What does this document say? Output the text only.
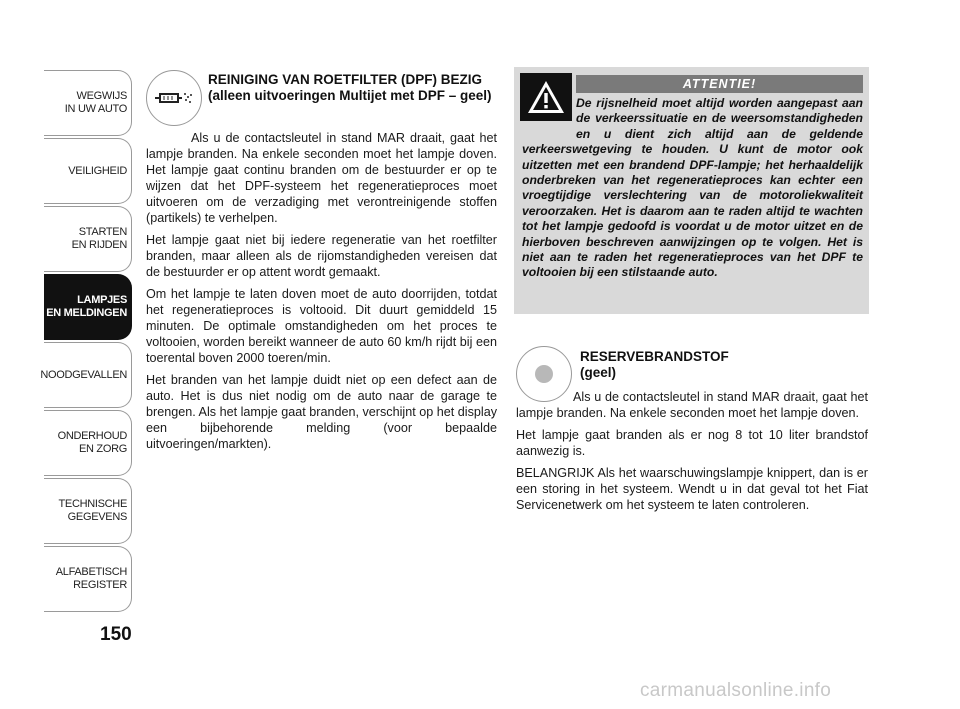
WEGWIJS
IN UW AUTO
VEILIGHEID
STARTEN
EN RIJDEN
LAMPJES
EN MELDINGEN
NOODGEVALLEN
ONDERHOUD
EN ZORG
TECHNISCHE
GEGEVENS
ALFABETISCH
REGISTER
150
REINIGING VAN ROETFILTER (DPF) BEZIG (alleen uitvoeringen Multijet met DPF – geel)

Als u de contactsleutel in stand MAR draait, gaat het lampje branden. Na enkele seconden moet het lampje doven. Het lampje gaat continu branden om de bestuurder er op te wijzen dat het DPF-systeem het regeneratieproces moet uitvoeren om de verzadiging met verontreinigende stoffen (partikels) te verhelpen.

Het lampje gaat niet bij iedere regeneratie van het roetfilter branden, maar alleen als de rijomstandigheden vereisen dat de bestuurder er op attent wordt gemaakt.

Om het lampje te laten doven moet de auto doorrijden, totdat het regeneratieproces is voltooid. Dit duurt gemiddeld 15 minuten. De optimale omstandigheden om het proces te voltooien, worden bereikt wanneer de auto 60 km/h rijdt bij een toerental boven 2000 toeren/min.

Het branden van het lampje duidt niet op een defect aan de auto. Het is dus niet nodig om de auto naar de garage te brengen. Als het lampje gaat branden, verschijnt op het display een bijbehorende melding (voor bepaalde uitvoeringen/markten).

ATTENTIE!
De rijsnelheid moet altijd worden aangepast aan de verkeerssituatie en de weersomstandigheden en u dient zich altijd aan de geldende verkeerswetgeving te houden. U kunt de motor ook uitzetten met een brandend DPF-lampje; het herhaaldelijk onderbreken van het regeneratieproces kan echter een vroegtijdige verslechtering van de motoroliekwaliteit veroorzaken. Het is daarom aan te raden altijd te wachten tot het lampje gedoofd is voordat u de motor uitzet en de hierboven beschreven aanwijzingen op te volgen. Het is niet aan te raden het regeneratieproces van het DPF te voltooien bij een stilstaande auto.
RESERVEBRANDSTOF
(geel)

Als u de contactsleutel in stand MAR draait, gaat het lampje branden. Na enkele seconden moet het lampje doven.

Het lampje gaat branden als er nog 8 tot 10 liter brandstof aanwezig is.

BELANGRIJK Als het waarschuwingslampje knippert, dan is er een storing in het systeem. Wendt u in dat geval tot het Fiat Servicenetwerk om het systeem te laten controleren.

carmanualsonline.info
